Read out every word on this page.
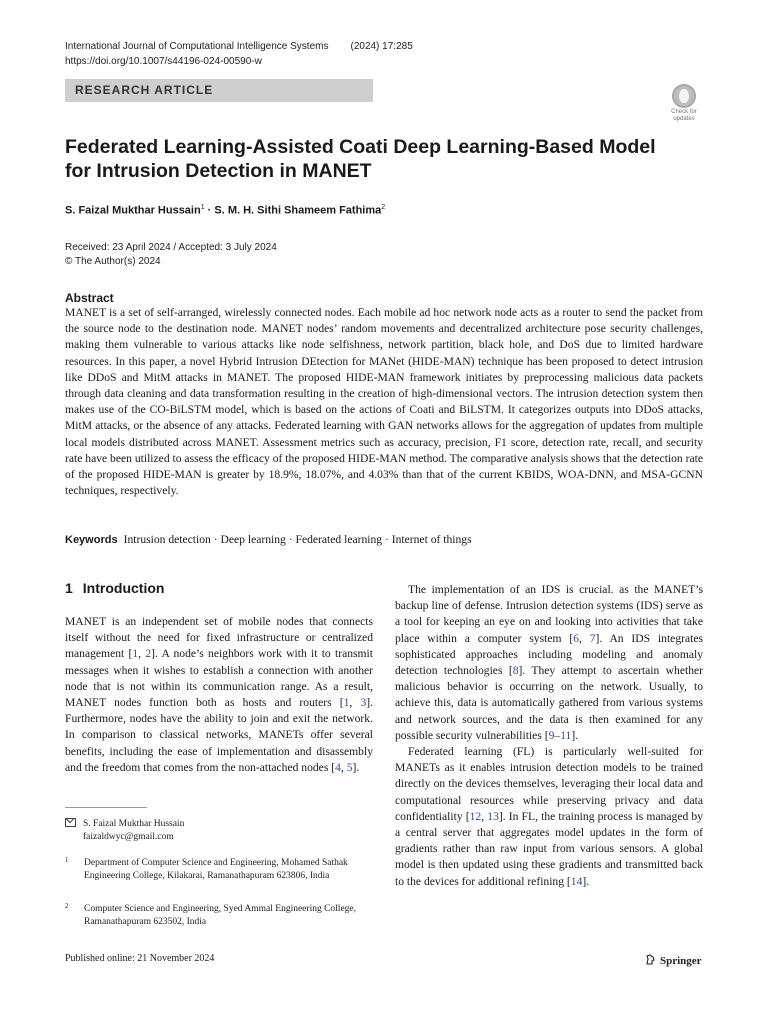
International Journal of Computational Intelligence Systems (2024) 17:285
https://doi.org/10.1007/s44196-024-00590-w
RESEARCH ARTICLE
Check for updates
Federated Learning-Assisted Coati Deep Learning-Based Model for Intrusion Detection in MANET
S. Faizal Mukthar Hussain$^1$ · S. M. H. Sithi Shameem Fathima$^2$
Received: 23 April 2024 / Accepted: 3 July 2024
© The Author(s) 2024
Abstract
MANET is a set of self-arranged, wirelessly connected nodes. Each mobile ad hoc network node acts as a router to send the packet from the source node to the destination node. MANET nodes’ random movements and decentralized architecture pose security challenges, making them vulnerable to various attacks like node selfishness, network partition, black hole, and DoS due to limited hardware resources. In this paper, a novel Hybrid Intrusion DEtection for MANet (HIDE-MAN) technique has been proposed to detect intrusion like DDoS and MitM attacks in MANET. The proposed HIDE-MAN framework initiates by preprocessing malicious data packets through data cleaning and data transformation resulting in the creation of high-dimensional vectors. The intrusion detection system then makes use of the CO-BiLSTM model, which is based on the actions of Coati and BiLSTM. It categorizes outputs into DDoS attacks, MitM attacks, or the absence of any attacks. Federated learning with GAN networks allows for the aggregation of updates from multiple local models distributed across MANET. Assessment metrics such as accuracy, precision, F1 score, detection rate, recall, and security rate have been utilized to assess the efficacy of the proposed HIDE-MAN method. The comparative analysis shows that the detection rate of the proposed HIDE-MAN is greater by 18.9%, 18.07%, and 4.03% than that of the current KBIDS, WOA-DNN, and MSA-GCNN techniques, respectively.
Keywords Intrusion detection · Deep learning · Federated learning · Internet of things
1 Introduction

MANET is an independent set of mobile nodes that connects itself without the need for fixed infrastructure or centralized management [1, 2]. A node’s neighbors work with it to transmit messages when it wishes to establish a connection with another node that is not within its communication range. As a result, MANET nodes function both as hosts and routers [1, 3]. Furthermore, nodes have the ability to join and exit the network. In comparison to classical networks, MANETs offer several benefits, including the ease of implementation and disassembly and the freedom that comes from the non-attached nodes [4, 5].

The implementation of an IDS is crucial. as the MANET’s backup line of defense. Intrusion detection systems (IDS) serve as a tool for keeping an eye on and looking into activities that take place within a computer system [6, 7]. An IDS integrates sophisticated approaches including modeling and anomaly detection technologies [8]. They attempt to ascertain whether malicious behavior is occurring on the network. Usually, to achieve this, data is automatically gathered from various systems and network sources, and the data is then examined for any possible security vulnerabilities [9–11].

Federated learning (FL) is particularly well-suited for MANETs as it enables intrusion detection models to be trained directly on the devices themselves, leveraging their local data and computational resources while preserving privacy and data confidentiality [12, 13]. In FL, the training process is managed by a central server that aggregates model updates in the form of gradients rather than raw input from various sensors. A global model is then updated using these gradients and transmitted back to the devices for additional refining [14].

S. Faizal Mukthar Hussain
faizaldwyc@gmail.com
1 Department of Computer Science and Engineering, Mohamed Sathak Engineering College, Kilakarai, Ramanathapuram 623806, India
2 Computer Science and Engineering, Syed Ammal Engineering College, Ramanathapuram 623502, India
Published online: 21 November 2024	Springer
